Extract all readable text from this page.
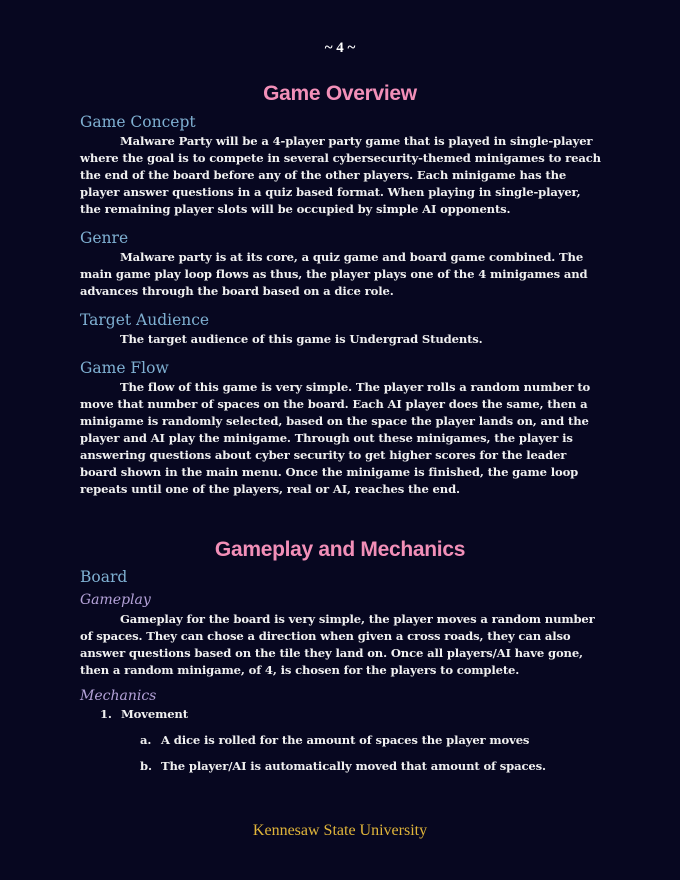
~ 4 ~
Game Overview
Game Concept
Malware Party will be a 4-player party game that is played in single-player where the goal is to compete in several cybersecurity-themed minigames to reach the end of the board before any of the other players. Each minigame has the player answer questions in a quiz based format. When playing in single-player, the remaining player slots will be occupied by simple AI opponents.
Genre
Malware party is at its core, a quiz game and board game combined. The main game play loop flows as thus, the player plays one of the 4 minigames and advances through the board based on a dice role.
Target Audience
The target audience of this game is Undergrad Students.
Game Flow
The flow of this game is very simple. The player rolls a random number to move that number of spaces on the board. Each AI player does the same, then a minigame is randomly selected, based on the space the player lands on, and the player and AI play the minigame. Through out these minigames, the player is answering questions about cyber security to get higher scores for the leader board shown in the main menu. Once the minigame is finished, the game loop repeats until one of the players, real or AI, reaches the end.
Gameplay and Mechanics
Board
Gameplay
Gameplay for the board is very simple, the player moves a random number of spaces. They can chose a direction when given a cross roads, they can also answer questions based on the tile they land on. Once all players/AI have gone, then a random minigame, of 4, is chosen for the players to complete.
Mechanics
1. Movement
a. A dice is rolled for the amount of spaces the player moves
b. The player/AI is automatically moved that amount of spaces.
Kennesaw State University
